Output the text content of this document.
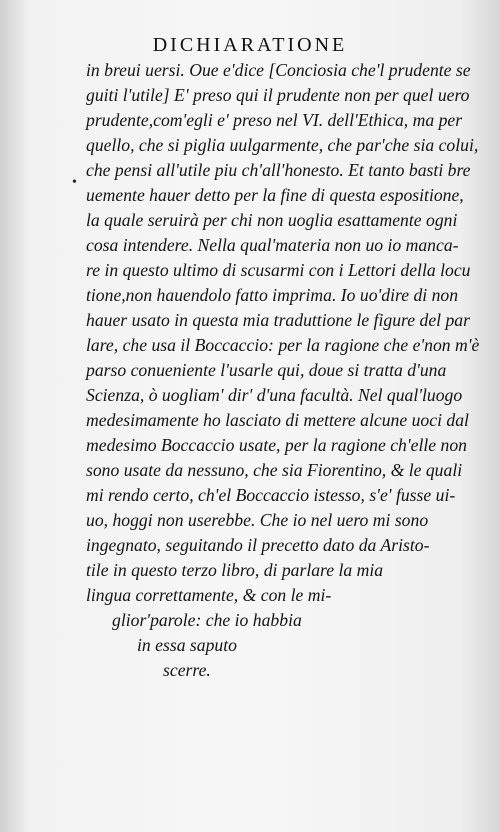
DICHIARATIONE
•
in breui uersi. Oue e'dice [Conciosia che'l prudente se
guiti l'utile] E' preso qui il prudente non per quel uero
prudente,com'egli e' preso nel VI. dell'Ethica, ma per
quello, che si piglia uulgarmente, che par'che sia colui,
che pensi all'utile piu ch'all'honesto. Et tanto basti bre
uemente hauer detto per la fine di questa espositione,
la quale seruirà per chi non uoglia esattamente ogni
cosa intendere. Nella qual'materia non uo io manca-
re in questo ultimo di scusarmi con i Lettori della locu
tione,non hauendolo fatto imprima. Io uo'dire di non
hauer usato in questa mia traduttione le figure del par
lare, che usa il Boccaccio: per la ragione che e'non m'è
parso conueniente l'usarle qui, doue si tratta d'una
Scienza, ò uogliam' dir' d'una facultà. Nel qual'luogo
medesimamente ho lasciato di mettere alcune uoci dal
medesimo Boccaccio usate, per la ragione ch'elle non
sono usate da nessuno, che sia Fiorentino, & le quali
mi rendo certo, ch'el Boccaccio istesso, s'e' fusse ui-
uo, hoggi non userebbe. Che io nel uero mi sono
ingegnato, seguitando il precetto dato da Aristo-
tile in questo terzo libro, di parlare la mia
lingua correttamente, & con le mi-
glior'parole: che io habbia
in essa saputo
scerre.
